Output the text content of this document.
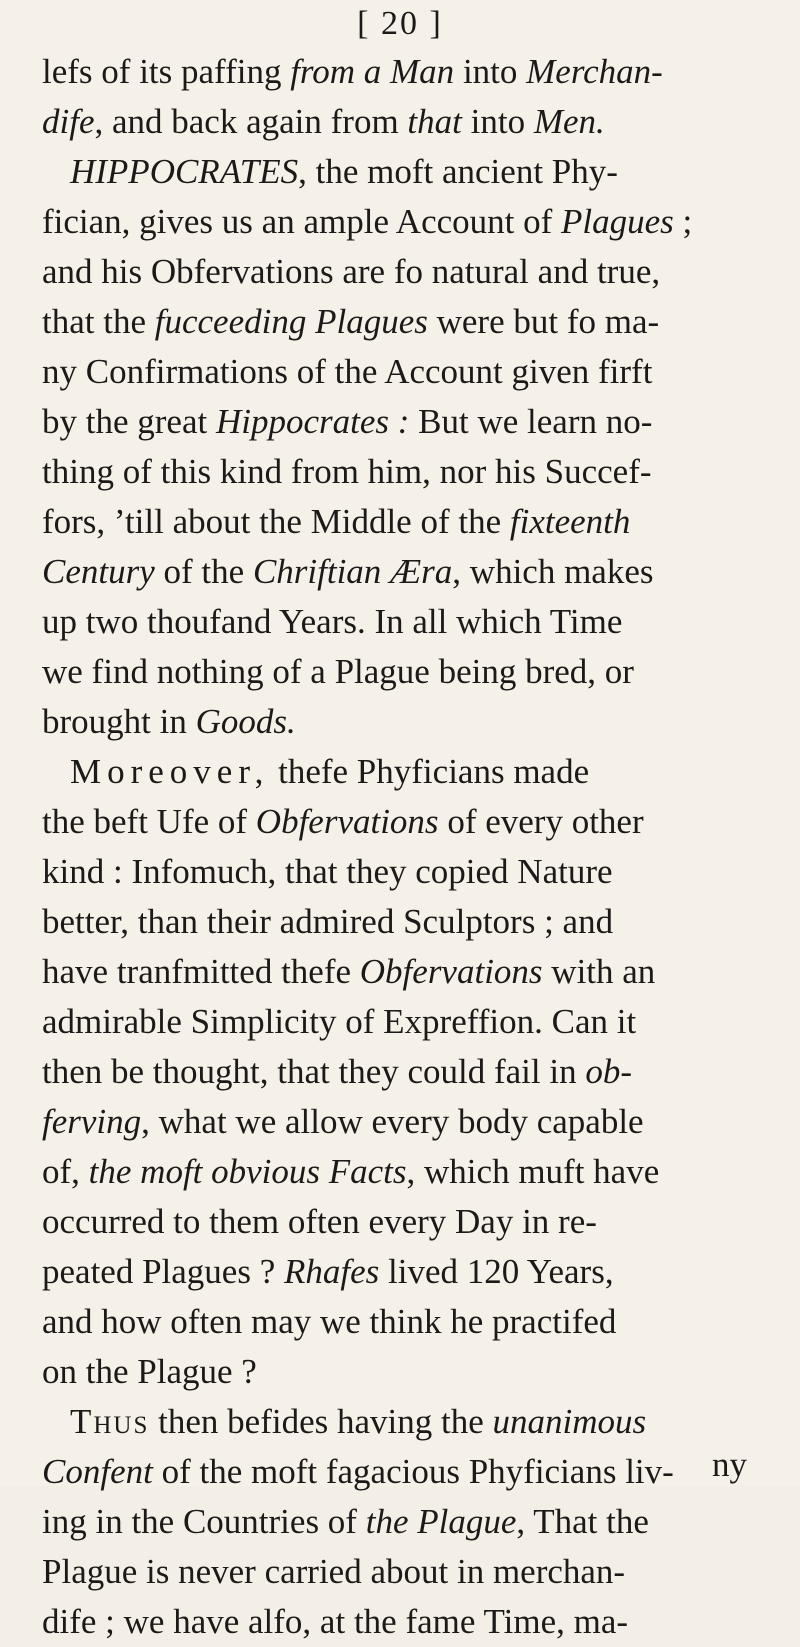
[ 20 ]
lefs of its paffing from a Man into Merchan-
dife, and back again from that into Men.
HIPPOCRATES, the moft ancient Phy-
fician, gives us an ample Account of Plagues ;
and his Obfervations are fo natural and true,
that the fucceeding Plagues were but fo ma-
ny Confirmations of the Account given firft
by the great Hippocrates : But we learn no-
thing of this kind from him, nor his Succef-
fors, ’till about the Middle of the fixteenth
Century of the Chriftian Æra, which makes
up two thoufand Years. In all which Time
we find nothing of a Plague being bred, or
brought in Goods.
Moreover, thefe Phyficians made
the beft Ufe of Obfervations of every other
kind : Infomuch, that they copied Nature
better, than their admired Sculptors ; and
have tranfmitted thefe Obfervations with an
admirable Simplicity of Expreffion. Can it
then be thought, that they could fail in ob-
ferving, what we allow every body capable
of, the moft obvious Facts, which muft have
occurred to them often every Day in re-
peated Plagues ? Rhafes lived 120 Years,
and how often may we think he practifed
on the Plague ?
Thus then befides having the unanimous
Confent of the moft fagacious Phyficians liv-
ing in the Countries of the Plague, That the
Plague is never carried about in merchan-
dife ; we have alfo, at the fame Time, ma-
ny
